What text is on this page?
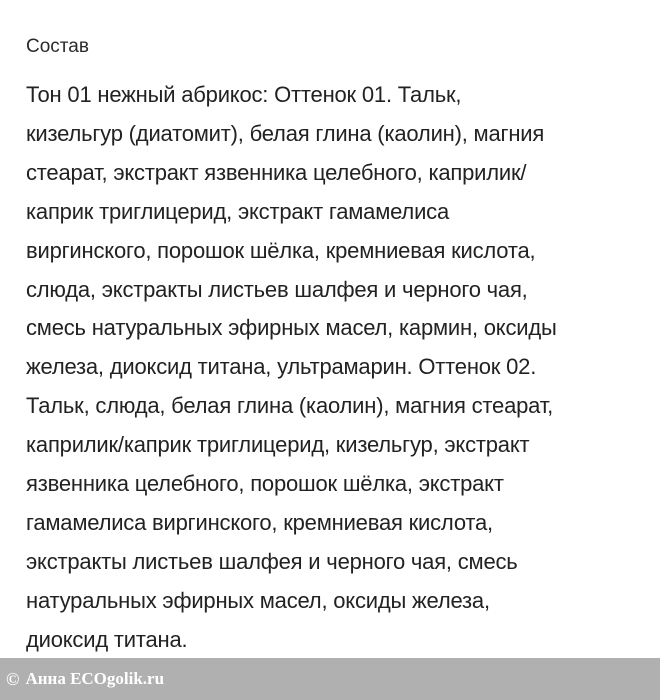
Состав
Тон 01 нежный абрикос: Оттенок 01. Тальк,
кизельгур (диатомит), белая глина (каолин), магния
стеарат, экстракт язвенника целебного, каприлик/
каприк триглицерид, экстракт гамамелиса
виргинского, порошок шёлка, кремниевая кислота,
слюда, экстракты листьев шалфея и черного чая,
смесь натуральных эфирных масел, кармин, оксиды
железа, диоксид титана, ультрамарин. Оттенок 02.
Тальк, слюда, белая глина (каолин), магния стеарат,
каприлик/каприк триглицерид, кизельгур, экстракт
язвенника целебного, порошок шёлка, экстракт
гамамелиса виргинского, кремниевая кислота,
экстракты листьев шалфея и черного чая, смесь
натуральных эфирных масел, оксиды железа,
диоксид титана.
© Анна ECOgolik.ru
